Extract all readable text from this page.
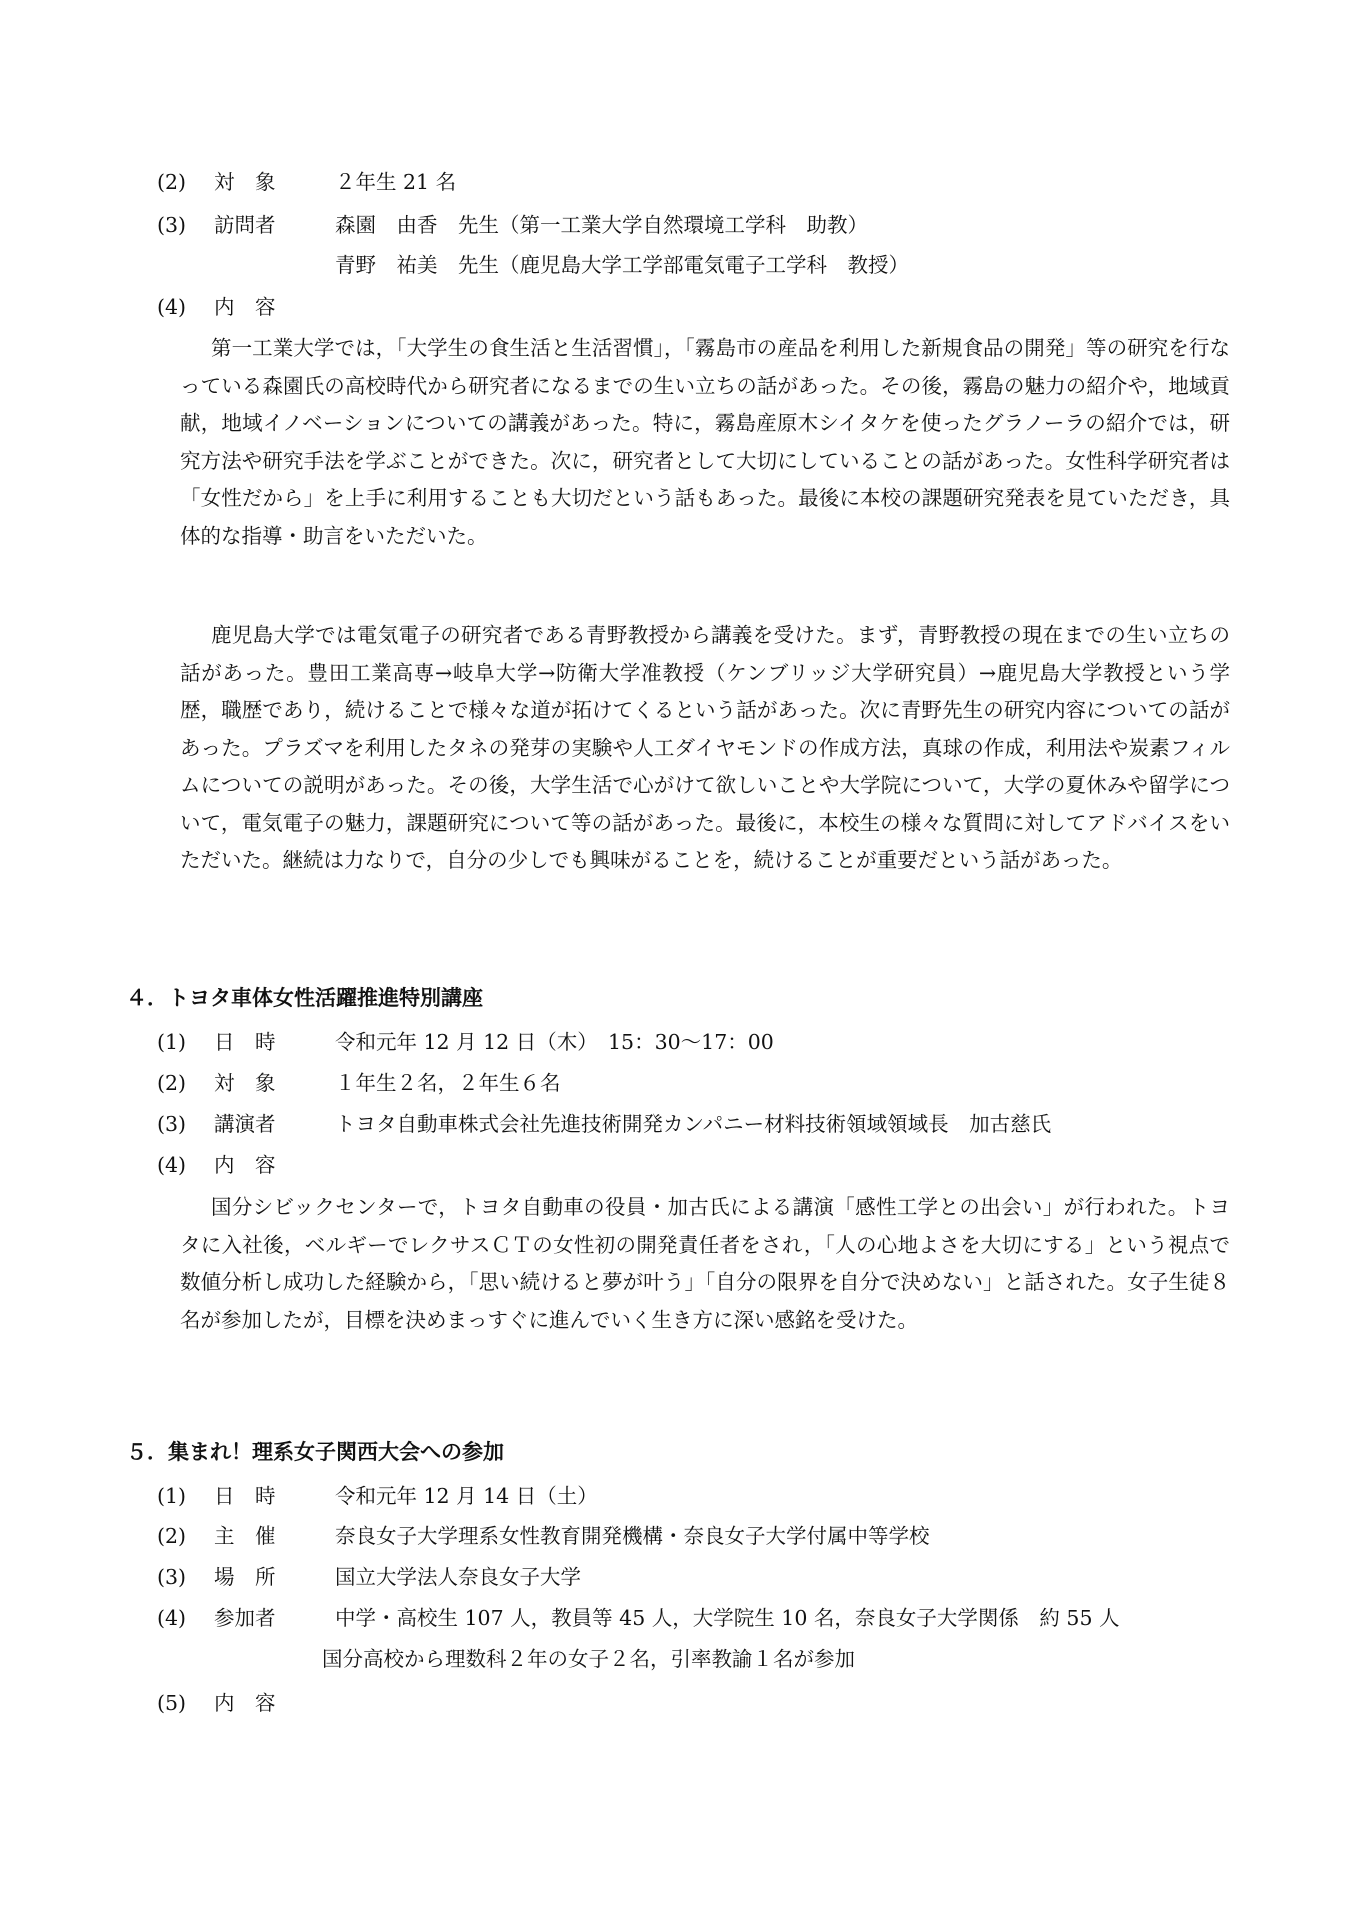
(2) 対　象	２年生 21 名
(3) 訪問者	森園　由香　先生（第一工業大学自然環境工学科　助教）
青野　祐美　先生（鹿児島大学工学部電気電子工学科　教授）
(4) 内　容

第一工業大学では，「大学生の食生活と生活習慣」，「霧島市の産品を利用した新規食品の開発」等の研究を行なっている森園氏の高校時代から研究者になるまでの生い立ちの話があった。その後，霧島の魅力の紹介や，地域貢献，地域イノベーションについての講義があった。特に，霧島産原木シイタケを使ったグラノーラの紹介では，研究方法や研究手法を学ぶことができた。次に，研究者として大切にしていることの話があった。女性科学研究者は「女性だから」を上手に利用することも大切だという話もあった。最後に本校の課題研究発表を見ていただき，具体的な指導・助言をいただいた。

鹿児島大学では電気電子の研究者である青野教授から講義を受けた。まず，青野教授の現在までの生い立ちの話があった。豊田工業高専→岐阜大学→防衛大学准教授（ケンブリッジ大学研究員）→鹿児島大学教授という学歴，職歴であり，続けることで様々な道が拓けてくるという話があった。次に青野先生の研究内容についての話があった。プラズマを利用したタネの発芽の実験や人工ダイヤモンドの作成方法，真球の作成，利用法や炭素フィルムについての説明があった。その後，大学生活で心がけて欲しいことや大学院について，大学の夏休みや留学について，電気電子の魅力，課題研究について等の話があった。最後に，本校生の様々な質問に対してアドバイスをいただいた。継続は力なりで，自分の少しでも興味がることを，続けることが重要だという話があった。

４．トヨタ車体女性活躍推進特別講座
(1) 日　時	令和元年 12 月 12 日（木）　15：30〜17：00
(2) 対　象	１年生２名，２年生６名
(3) 講演者	トヨタ自動車株式会社先進技術開発カンパニー材料技術領域領域長　加古慈氏
(4) 内　容

国分シビックセンターで，トヨタ自動車の役員・加古氏による講演「感性工学との出会い」が行われた。トヨタに入社後，ベルギーでレクサスＣＴの女性初の開発責任者をされ，「人の心地よさを大切にする」という視点で数値分析し成功した経験から，「思い続けると夢が叶う」「自分の限界を自分で決めない」と話された。女子生徒８名が参加したが，目標を決めまっすぐに進んでいく生き方に深い感銘を受けた。

５．集まれ！理系女子関西大会への参加
(1) 日　時	令和元年 12 月 14 日（土）
(2) 主　催	奈良女子大学理系女性教育開発機構・奈良女子大学付属中等学校
(3) 場　所	国立大学法人奈良女子大学
(4) 参加者	中学・高校生 107 人，教員等 45 人，大学院生 10 名，奈良女子大学関係　約 55 人
国分高校から理数科２年の女子２名，引率教諭１名が参加
(5) 内　容
